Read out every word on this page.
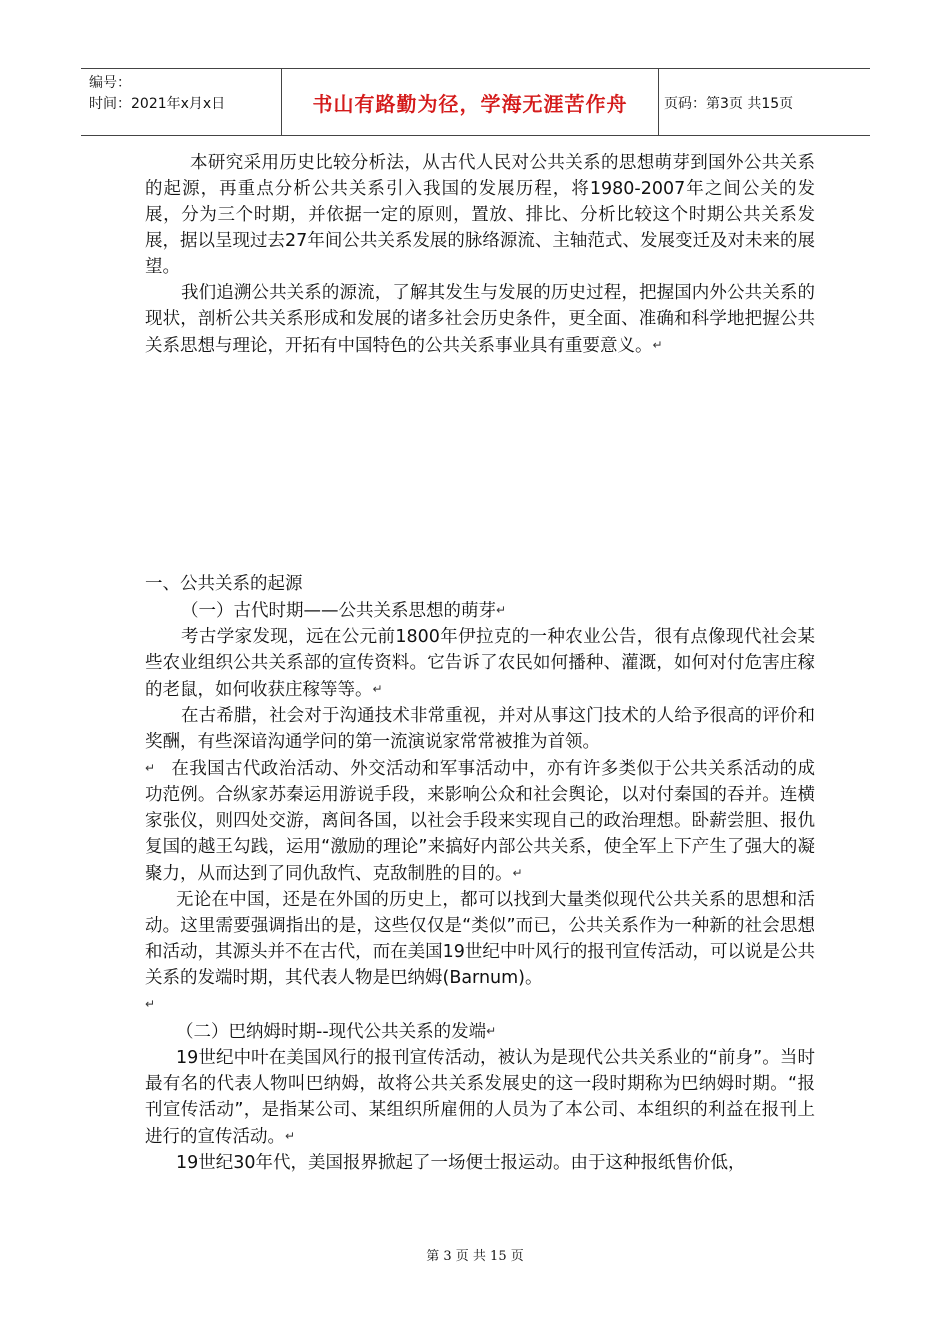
编号：
时间：2021年x月x日	书山有路勤为径，学海无涯苦作舟	页码：第3页 共15页

本研究采用历史比较分析法，从古代人民对公共关系的思想萌芽到国外公共关系的起源，再重点分析公共关系引入我国的发展历程，将1980-2007年之间公关的发展，分为三个时期，并依据一定的原则，置放、排比、分析比较这个时期公共关系发展，据以呈现过去27年间公共关系发展的脉络源流、主轴范式、发展变迁及对未来的展望。

我们追溯公共关系的源流，了解其发生与发展的历史过程，把握国内外公共关系的现状，剖析公共关系形成和发展的诸多社会历史条件，更全面、准确和科学地把握公共关系思想与理论，开拓有中国特色的公共关系事业具有重要意义。↵

一、公共关系的起源

（一）古代时期——公共关系思想的萌芽↵

考古学家发现，远在公元前1800年伊拉克的一种农业公告，很有点像现代社会某些农业组织公共关系部的宣传资料。它告诉了农民如何播种、灌溉，如何对付危害庄稼的老鼠，如何收获庄稼等等。↵

在古希腊，社会对于沟通技术非常重视，并对从事这门技术的人给予很高的评价和奖酬，有些深谙沟通学问的第一流演说家常常被推为首领。

↵　 在我国古代政治活动、外交活动和军事活动中，亦有许多类似于公共关系活动的成功范例。合纵家苏秦运用游说手段，来影响公众和社会舆论，以对付秦国的吞并。连横家张仪，则四处交游，离间各国，以社会手段来实现自己的政治理想。卧薪尝胆、报仇复国的越王勾践，运用“激励的理论”来搞好内部公共关系，使全军上下产生了强大的凝聚力，从而达到了同仇敌忾、克敌制胜的目的。↵

无论在中国，还是在外国的历史上，都可以找到大量类似现代公共关系的思想和活动。这里需要强调指出的是，这些仅仅是“类似”而已，公共关系作为一种新的社会思想和活动，其源头并不在古代，而在美国19世纪中叶风行的报刊宣传活动，可以说是公共关系的发端时期，其代表人物是巴纳姆(Barnum)。

↵

（二）巴纳姆时期--现代公共关系的发端↵

19世纪中叶在美国风行的报刊宣传活动，被认为是现代公共关系业的“前身”。当时最有名的代表人物叫巴纳姆，故将公共关系发展史的这一段时期称为巴纳姆时期。“报刊宣传活动”，是指某公司、某组织所雇佣的人员为了本公司、本组织的利益在报刊上进行的宣传活动。↵

19世纪30年代，美国报界掀起了一场便士报运动。由于这种报纸售价低，

第 3 页 共 15 页
